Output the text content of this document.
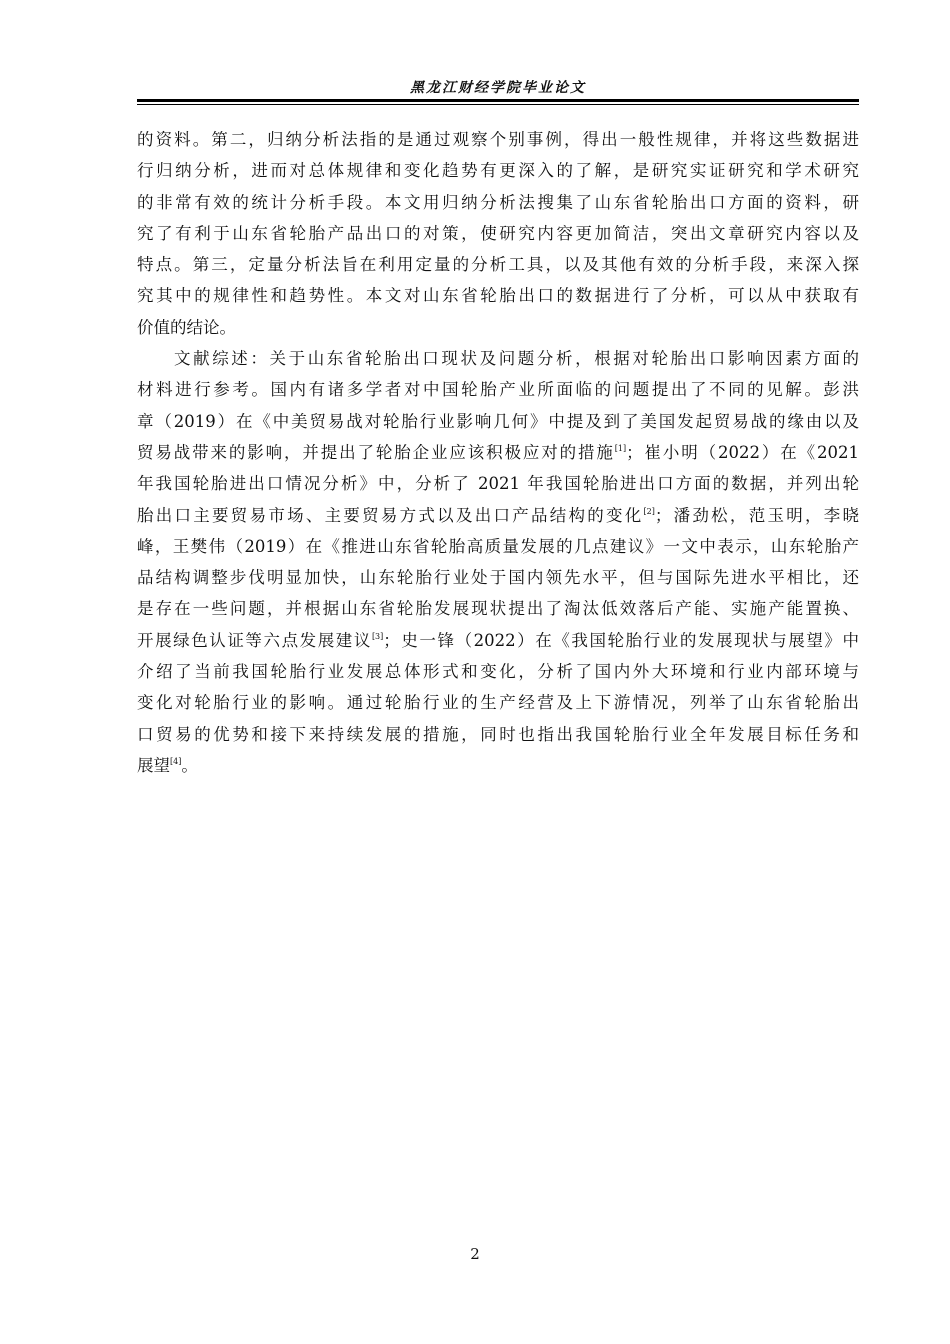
黑龙江财经学院毕业论文

的资料。第二，归纳分析法指的是通过观察个别事例，得出一般性规律，并将这些数据进
行归纳分析，进而对总体规律和变化趋势有更深入的了解，是研究实证研究和学术研究
的非常有效的统计分析手段。本文用归纳分析法搜集了山东省轮胎出口方面的资料，研
究了有利于山东省轮胎产品出口的对策，使研究内容更加简洁，突出文章研究内容以及
特点。第三，定量分析法旨在利用定量的分析工具，以及其他有效的分析手段，来深入探
究其中的规律性和趋势性。本文对山东省轮胎出口的数据进行了分析，可以从中获取有
价值的结论。

文献综述：关于山东省轮胎出口现状及问题分析，根据对轮胎出口影响因素方面的
材料进行参考。国内有诸多学者对中国轮胎产业所面临的问题提出了不同的见解。彭洪
章（2019）在《中美贸易战对轮胎行业影响几何》中提及到了美国发起贸易战的缘由以及
贸易战带来的影响，并提出了轮胎企业应该积极应对的措施[1]；崔小明（2022）在《2021
年我国轮胎进出口情况分析》中，分析了 2021 年我国轮胎进出口方面的数据，并列出轮
胎出口主要贸易市场、主要贸易方式以及出口产品结构的变化[2]；潘劲松，范玉明，李晓
峰，王樊伟（2019）在《推进山东省轮胎高质量发展的几点建议》一文中表示，山东轮胎产
品结构调整步伐明显加快，山东轮胎行业处于国内领先水平，但与国际先进水平相比，还
是存在一些问题，并根据山东省轮胎发展现状提出了淘汰低效落后产能、实施产能置换、
开展绿色认证等六点发展建议[3]；史一锋（2022）在《我国轮胎行业的发展现状与展望》中
介绍了当前我国轮胎行业发展总体形式和变化，分析了国内外大环境和行业内部环境与
变化对轮胎行业的影响。通过轮胎行业的生产经营及上下游情况，列举了山东省轮胎出
口贸易的优势和接下来持续发展的措施，同时也指出我国轮胎行业全年发展目标任务和
展望[4]。

2
